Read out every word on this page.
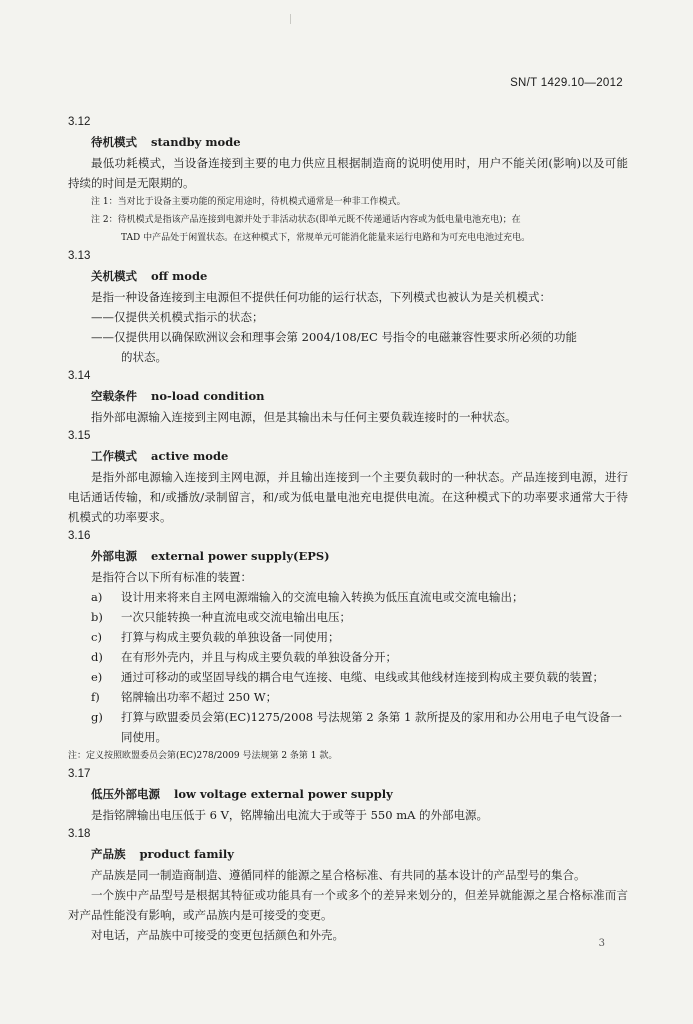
SN/T 1429.10—2012
3.12
待机模式 standby mode
最低功耗模式，当设备连接到主要的电力供应且根据制造商的说明使用时，用户不能关闭(影响)以及可能持续的时间是无限期的。
注 1：当对比于设备主要功能的预定用途时，待机模式通常是一种非工作模式。
注 2：待机模式是指该产品连接到电源并处于非活动状态(即单元既不传递通话内容或为低电量电池充电)；在
TAD 中产品处于闲置状态。在这种模式下，常规单元可能消化能量来运行电路和为可充电电池过充电。
3.13
关机模式 off mode
是指一种设备连接到主电源但不提供任何功能的运行状态，下列模式也被认为是关机模式：
——仅提供关机模式指示的状态；
——仅提供用以确保欧洲议会和理事会第 2004/108/EC 号指令的电磁兼容性要求所必须的功能
的状态。
3.14
空载条件 no-load condition
指外部电源输入连接到主网电源，但是其输出未与任何主要负载连接时的一种状态。
3.15
工作模式 active mode
是指外部电源输入连接到主网电源，并且输出连接到一个主要负载时的一种状态。产品连接到电源，进行电话通话传输，和/或播放/录制留言，和/或为低电量电池充电提供电流。在这种模式下的功率要求通常大于待机模式的功率要求。
3.16
外部电源 external power supply(EPS)
是指符合以下所有标准的装置：
a) 设计用来将来自主网电源端输入的交流电输入转换为低压直流电或交流电输出；
b) 一次只能转换一种直流电或交流电输出电压；
c) 打算与构成主要负载的单独设备一同使用；
d) 在有形外壳内，并且与构成主要负载的单独设备分开；
e) 通过可移动的或坚固导线的耦合电气连接、电缆、电线或其他线材连接到构成主要负载的装置；
f) 铭牌输出功率不超过 250 W；
g) 打算与欧盟委员会第(EC)1275/2008 号法规第 2 条第 1 款所提及的家用和办公用电子电气设备一同使用。
注：定义按照欧盟委员会第(EC)278/2009 号法规第 2 条第 1 款。
3.17
低压外部电源 low voltage external power supply
是指铭牌输出电压低于 6 V，铭牌输出电流大于或等于 550 mA 的外部电源。
3.18
产品族 product family
产品族是同一制造商制造、遵循同样的能源之星合格标准、有共同的基本设计的产品型号的集合。
一个族中产品型号是根据其特征或功能具有一个或多个的差异来划分的，但差异就能源之星合格标准而言对产品性能没有影响，或产品族内是可接受的变更。
对电话，产品族中可接受的变更包括颜色和外壳。
3
